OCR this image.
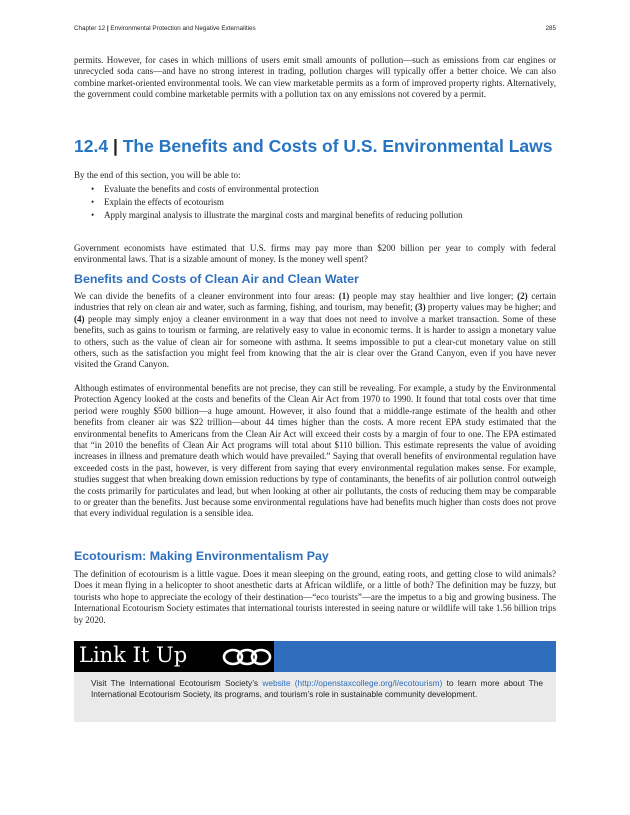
Chapter 12 | Environmental Protection and Negative Externalities	285

permits. However, for cases in which millions of users emit small amounts of pollution—such as emissions from car engines or unrecycled soda cans—and have no strong interest in trading, pollution charges will typically offer a better choice. We can also combine market-oriented environmental tools. We can view marketable permits as a form of improved property rights. Alternatively, the government could combine marketable permits with a pollution tax on any emissions not covered by a permit.

12.4 | The Benefits and Costs of U.S. Environmental Laws

By the end of this section, you will be able to:

• Evaluate the benefits and costs of environmental protection
• Explain the effects of ecotourism
• Apply marginal analysis to illustrate the marginal costs and marginal benefits of reducing pollution

Government economists have estimated that U.S. firms may pay more than $200 billion per year to comply with federal environmental laws. That is a sizable amount of money. Is the money well spent?

Benefits and Costs of Clean Air and Clean Water

We can divide the benefits of a cleaner environment into four areas: (1) people may stay healthier and live longer; (2) certain industries that rely on clean air and water, such as farming, fishing, and tourism, may benefit; (3) property values may be higher; and (4) people may simply enjoy a cleaner environment in a way that does not need to involve a market transaction. Some of these benefits, such as gains to tourism or farming, are relatively easy to value in economic terms. It is harder to assign a monetary value to others, such as the value of clean air for someone with asthma. It seems impossible to put a clear-cut monetary value on still others, such as the satisfaction you might feel from knowing that the air is clear over the Grand Canyon, even if you have never visited the Grand Canyon.

Although estimates of environmental benefits are not precise, they can still be revealing. For example, a study by the Environmental Protection Agency looked at the costs and benefits of the Clean Air Act from 1970 to 1990. It found that total costs over that time period were roughly $500 billion—a huge amount. However, it also found that a middle-range estimate of the health and other benefits from cleaner air was $22 trillion—about 44 times higher than the costs. A more recent EPA study estimated that the environmental benefits to Americans from the Clean Air Act will exceed their costs by a margin of four to one. The EPA estimated that “in 2010 the benefits of Clean Air Act programs will total about $110 billion. This estimate represents the value of avoiding increases in illness and premature death which would have prevailed.” Saying that overall benefits of environmental regulation have exceeded costs in the past, however, is very different from saying that every environmental regulation makes sense. For example, studies suggest that when breaking down emission reductions by type of contaminants, the benefits of air pollution control outweigh the costs primarily for particulates and lead, but when looking at other air pollutants, the costs of reducing them may be comparable to or greater than the benefits. Just because some environmental regulations have had benefits much higher than costs does not prove that every individual regulation is a sensible idea.

Ecotourism: Making Environmentalism Pay

The definition of ecotourism is a little vague. Does it mean sleeping on the ground, eating roots, and getting close to wild animals? Does it mean flying in a helicopter to shoot anesthetic darts at African wildlife, or a little of both? The definition may be fuzzy, but tourists who hope to appreciate the ecology of their destination—“eco tourists”—are the impetus to a big and growing business. The International Ecotourism Society estimates that international tourists interested in seeing nature or wildlife will take 1.56 billion trips by 2020.

Link It Up
Visit The International Ecotourism Society’s website (http://openstaxcollege.org/l/ecotourism) to learn more about The International Ecotourism Society, its programs, and tourism’s role in sustainable community development.
